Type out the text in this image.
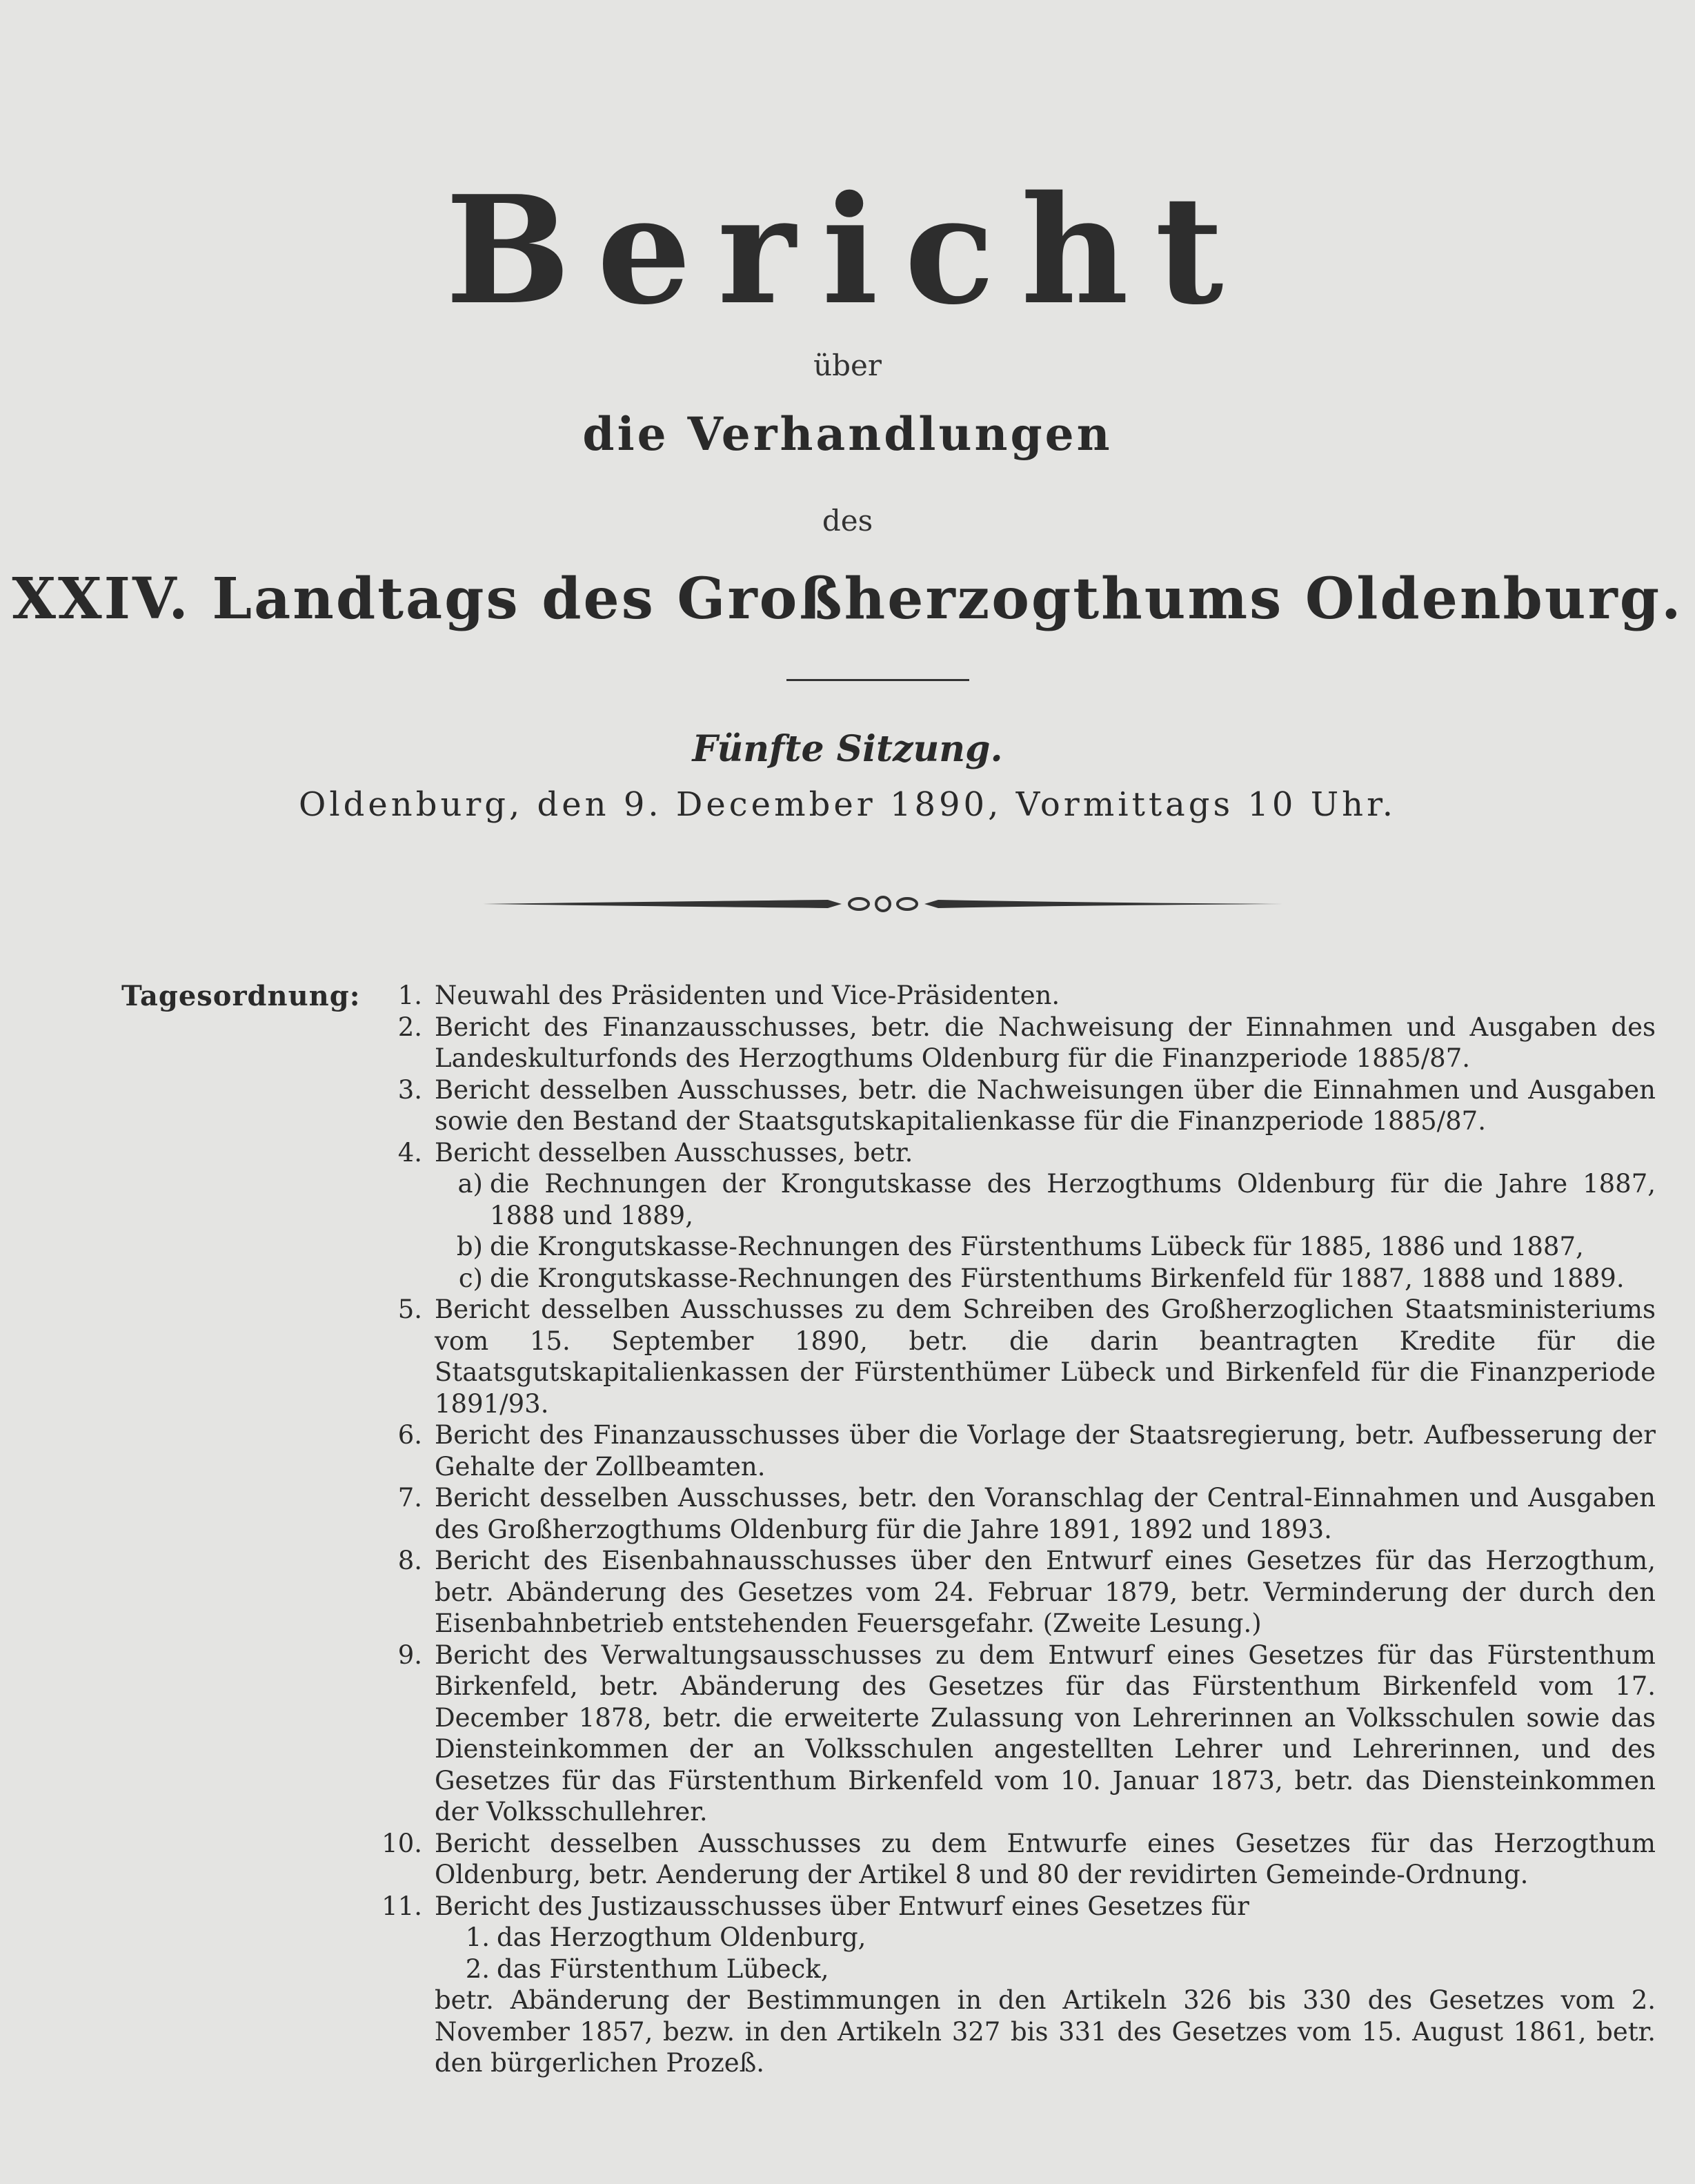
Bericht
über
die Verhandlungen
des
XXIV. Landtags des Großherzogthums Oldenburg.
Fünfte Sitzung.
Oldenburg, den 9. December 1890, Vormittags 10 Uhr.
Tagesordnung:	1. Neuwahl des Präsidenten und Vice-Präsidenten.
2. Bericht des Finanzausschusses, betr. die Nachweisung der Einnahmen und Ausgaben des Landeskulturfonds des Herzogthums Oldenburg für die Finanzperiode 1885/87.
3. Bericht desselben Ausschusses, betr. die Nachweisungen über die Einnahmen und Ausgaben sowie den Bestand der Staatsgutskapitalienkasse für die Finanzperiode 1885/87.
4. Bericht desselben Ausschusses, betr.
a) die Rechnungen der Krongutskasse des Herzogthums Oldenburg für die Jahre 1887, 1888 und 1889,
b) die Krongutskasse-Rechnungen des Fürstenthums Lübeck für 1885, 1886 und 1887,
c) die Krongutskasse-Rechnungen des Fürstenthums Birkenfeld für 1887, 1888 und 1889.
5. Bericht desselben Ausschusses zu dem Schreiben des Großherzoglichen Staatsministeriums vom 15. September 1890, betr. die darin beantragten Kredite für die Staatsgutskapitalienkassen der Fürstenthümer Lübeck und Birkenfeld für die Finanzperiode 1891/93.
6. Bericht des Finanzausschusses über die Vorlage der Staatsregierung, betr. Aufbesserung der Gehalte der Zollbeamten.
7. Bericht desselben Ausschusses, betr. den Voranschlag der Central-Einnahmen und Ausgaben des Großherzogthums Oldenburg für die Jahre 1891, 1892 und 1893.
8. Bericht des Eisenbahnausschusses über den Entwurf eines Gesetzes für das Herzogthum, betr. Abänderung des Gesetzes vom 24. Februar 1879, betr. Verminderung der durch den Eisenbahnbetrieb entstehenden Feuersgefahr. (Zweite Lesung.)
9. Bericht des Verwaltungsausschusses zu dem Entwurf eines Gesetzes für das Fürstenthum Birkenfeld, betr. Abänderung des Gesetzes für das Fürstenthum Birkenfeld vom 17. December 1878, betr. die erweiterte Zulassung von Lehrerinnen an Volksschulen sowie das Diensteinkommen der an Volksschulen angestellten Lehrer und Lehrerinnen, und des Gesetzes für das Fürstenthum Birkenfeld vom 10. Januar 1873, betr. das Diensteinkommen der Volksschullehrer.
10. Bericht desselben Ausschusses zu dem Entwurfe eines Gesetzes für das Herzogthum Oldenburg, betr. Aenderung der Artikel 8 und 80 der revidirten Gemeinde-Ordnung.
11. Bericht des Justizausschusses über Entwurf eines Gesetzes für
1. das Herzogthum Oldenburg,
2. das Fürstenthum Lübeck,
betr. Abänderung der Bestimmungen in den Artikeln 326 bis 330 des Gesetzes vom 2. November 1857, bezw. in den Artikeln 327 bis 331 des Gesetzes vom 15. August 1861, betr. den bürgerlichen Prozeß.
